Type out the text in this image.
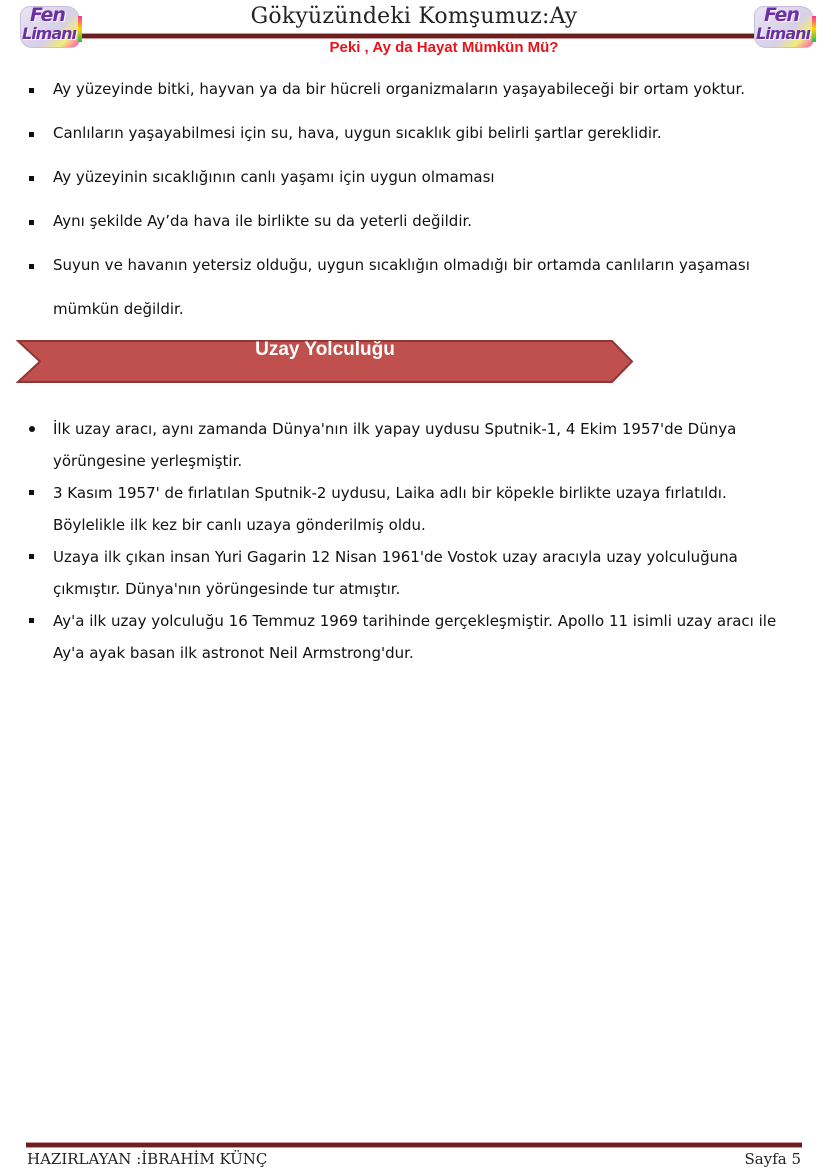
Fen
Limanı
Gökyüzündeki Komşumuz:Ay
Peki , Ay da Hayat Mümkün Mü?
Fen
Limanı
Ay yüzeyinde bitki, hayvan ya da bir hücreli organizmaların yaşayabileceği bir ortam yoktur.
Canlıların yaşayabilmesi için su, hava, uygun sıcaklık gibi belirli şartlar gereklidir.
Ay yüzeyinin sıcaklığının canlı yaşamı için uygun olmaması
Aynı şekilde Ay’da hava ile birlikte su da yeterli değildir.
Suyun ve havanın yetersiz olduğu, uygun sıcaklığın olmadığı bir ortamda canlıların yaşaması mümkün değildir.
Uzay Yolculuğu
İlk uzay aracı, aynı zamanda Dünya'nın ilk yapay uydusu Sputnik-1, 4 Ekim 1957'de Dünya yörüngesine yerleşmiştir.
3 Kasım 1957' de fırlatılan Sputnik-2 uydusu, Laika adlı bir köpekle birlikte uzaya fırlatıldı. Böylelikle ilk kez bir canlı uzaya gönderilmiş oldu.
Uzaya ilk çıkan insan Yuri Gagarin 12 Nisan 1961'de Vostok uzay aracıyla uzay yolculuğuna çıkmıştır. Dünya'nın yörüngesinde tur atmıştır.
Ay'a ilk uzay yolculuğu 16 Temmuz 1969 tarihinde gerçekleşmiştir. Apollo 11 isimli uzay aracı ile Ay'a ayak basan ilk astronot Neil Armstrong'dur.
HAZIRLAYAN :İBRAHİM KÜNÇ	Sayfa 5
